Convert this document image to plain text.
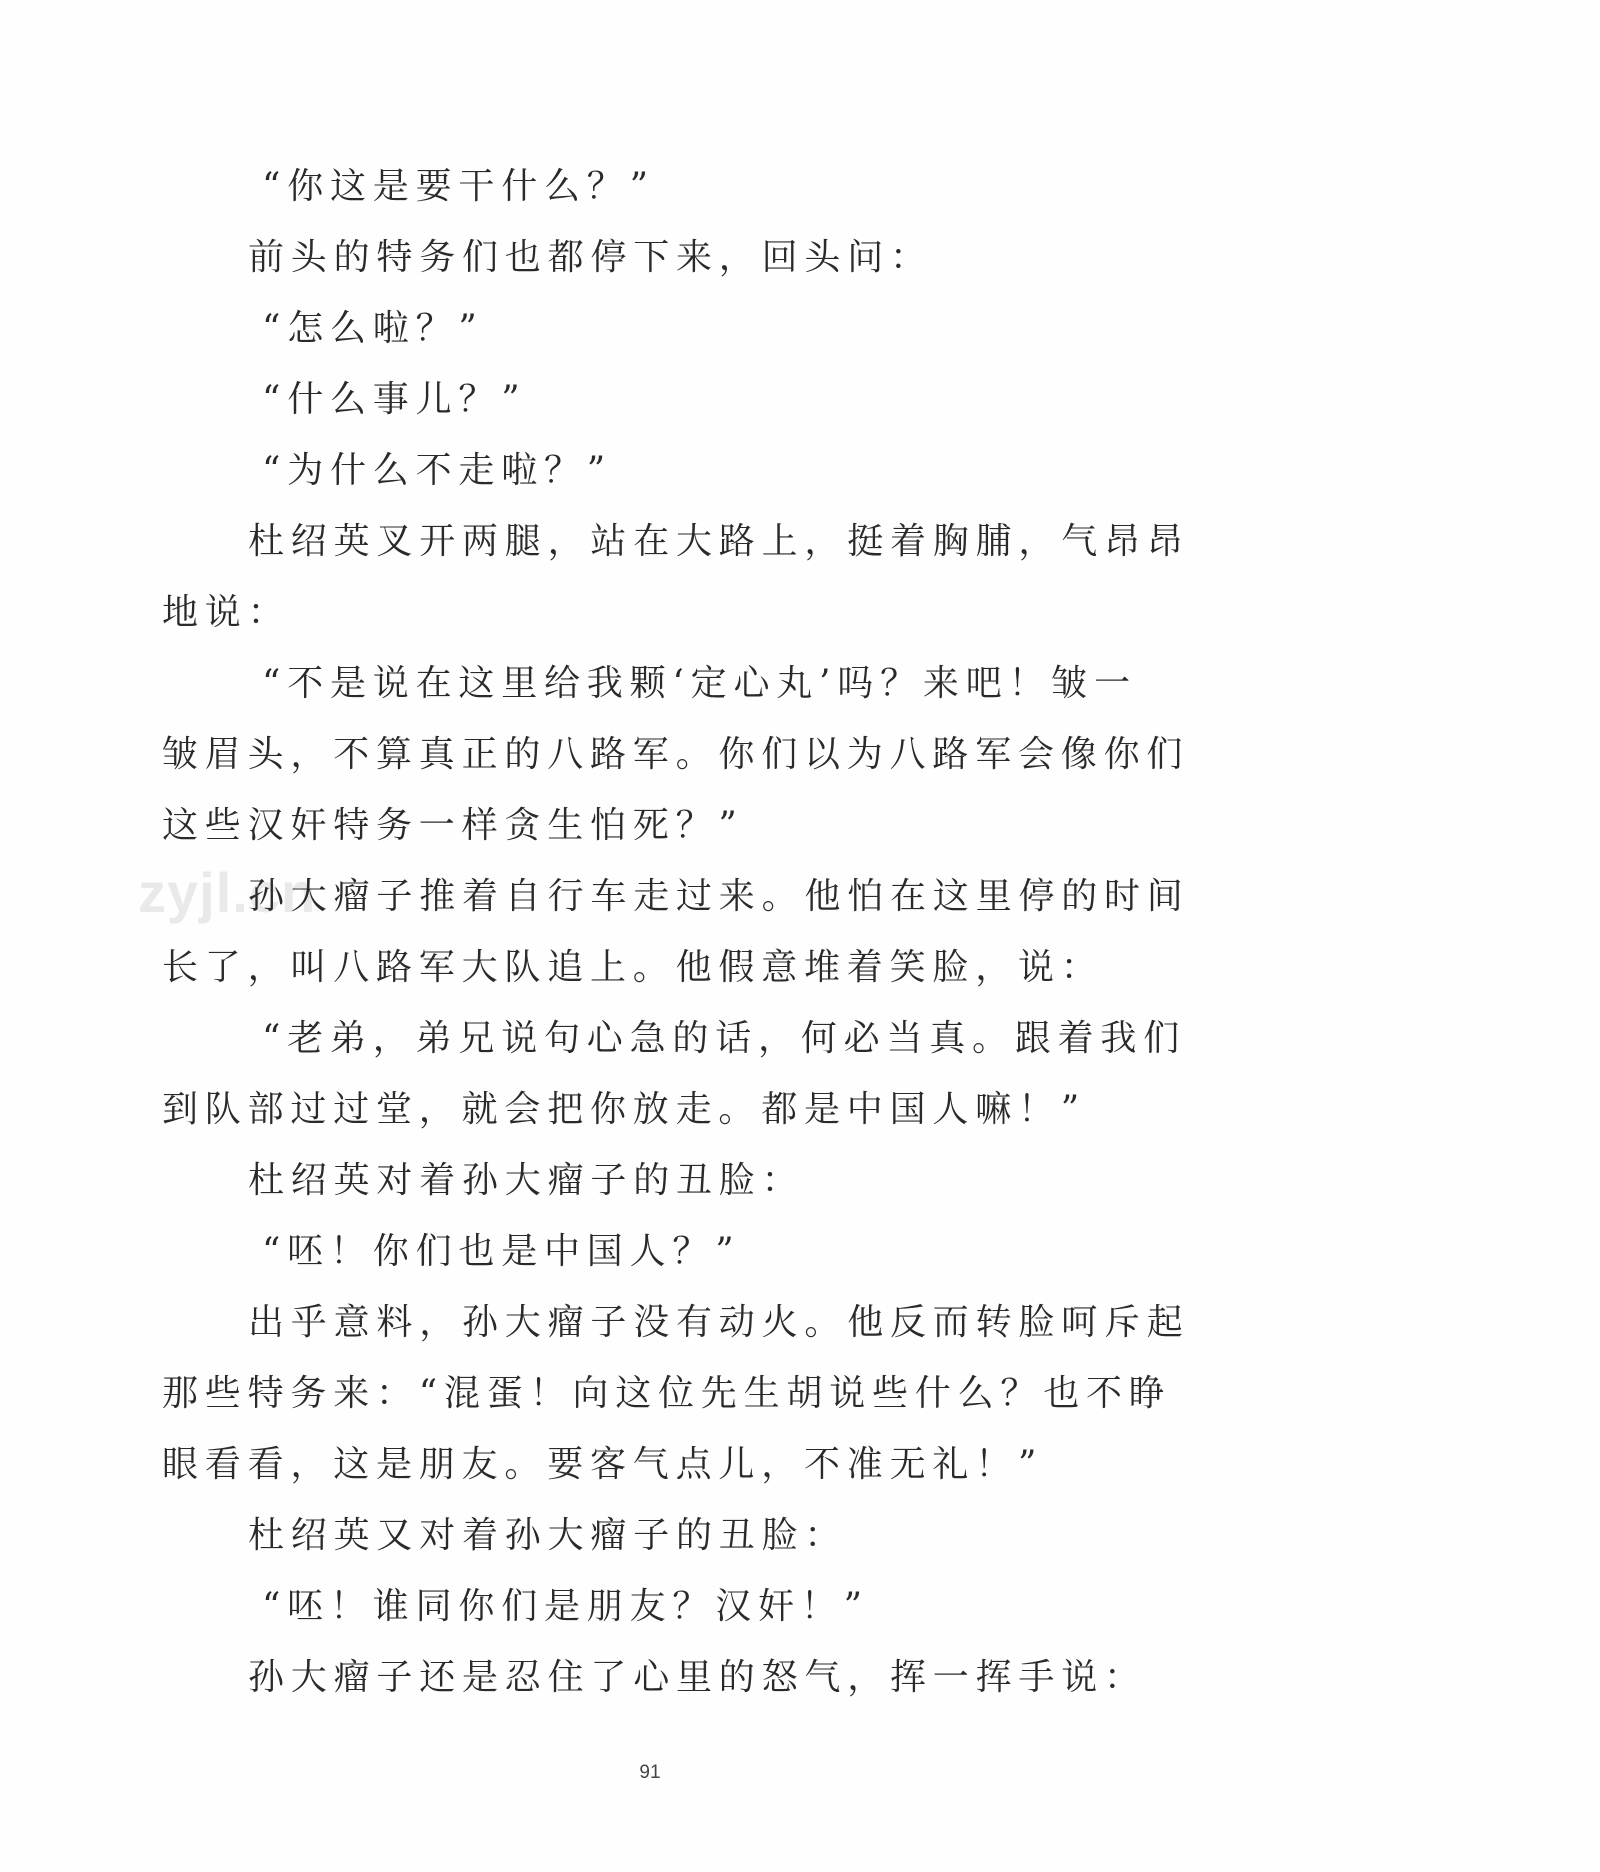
zyjl.cn
“你这是要干什么？”
前头的特务们也都停下来，回头问：
“怎么啦？”
“什么事儿？”
“为什么不走啦？”
杜绍英叉开两腿，站在大路上，挺着胸脯，气昂昂
地说：
“不是说在这里给我颗‘定心丸’吗？来吧！皱一
皱眉头，不算真正的八路军。你们以为八路军会像你们
这些汉奸特务一样贪生怕死？”
孙大瘤子推着自行车走过来。他怕在这里停的时间
长了，叫八路军大队追上。他假意堆着笑脸，说：
“老弟，弟兄说句心急的话，何必当真。跟着我们
到队部过过堂，就会把你放走。都是中国人嘛！”
杜绍英对着孙大瘤子的丑脸：
“呸！你们也是中国人？”
出乎意料，孙大瘤子没有动火。他反而转脸呵斥起
那些特务来：“混蛋！向这位先生胡说些什么？也不睁
眼看看，这是朋友。要客气点儿，不准无礼！”
杜绍英又对着孙大瘤子的丑脸：
“呸！谁同你们是朋友？汉奸！”
孙大瘤子还是忍住了心里的怒气，挥一挥手说：
91
